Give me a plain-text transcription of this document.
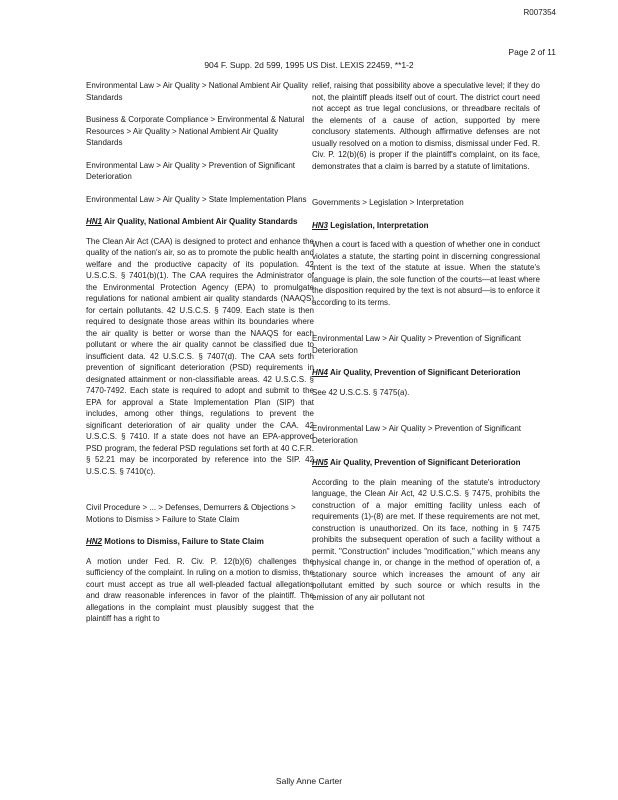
R007354
Page 2 of 11
904 F. Supp. 2d 599, 1995 US Dist. LEXIS 22459, **1-2

Environmental Law > Air Quality > National Ambient Air Quality Standards

Business & Corporate Compliance > Environmental & Natural Resources > Air Quality > National Ambient Air Quality Standards

Environmental Law > Air Quality > Prevention of Significant Deterioration

Environmental Law > Air Quality > State Implementation Plans

HN1 Air Quality, National Ambient Air Quality Standards

The Clean Air Act (CAA) is designed to protect and enhance the quality of the nation's air, so as to promote the public health and welfare and the productive capacity of its population. 42 U.S.C.S. § 7401(b)(1). The CAA requires the Administrator of the Environmental Protection Agency (EPA) to promulgate regulations for national ambient air quality standards (NAAQS) for certain pollutants. 42 U.S.C.S. § 7409. Each state is then required to designate those areas within its boundaries where the air quality is better or worse than the NAAQS for each pollutant or where the air quality cannot be classified due to insufficient data. 42 U.S.C.S. § 7407(d). The CAA sets forth prevention of significant deterioration (PSD) requirements in designated attainment or non-classifiable areas. 42 U.S.C.S. § 7470-7492. Each state is required to adopt and submit to the EPA for approval a State Implementation Plan (SIP) that includes, among other things, regulations to prevent the significant deterioration of air quality under the CAA. 42 U.S.C.S. § 7410. If a state does not have an EPA-approved PSD program, the federal PSD regulations set forth at 40 C.F.R. § 52.21 may be incorporated by reference into the SIP. 42 U.S.C.S. § 7410(c).

Civil Procedure > ... > Defenses, Demurrers & Objections > Motions to Dismiss > Failure to State Claim

HN2 Motions to Dismiss, Failure to State Claim

A motion under Fed. R. Civ. P. 12(b)(6) challenges the sufficiency of the complaint. In ruling on a motion to dismiss, the court must accept as true all well-pleaded factual allegations and draw reasonable inferences in favor of the plaintiff. The allegations in the complaint must plausibly suggest that the plaintiff has a right to

relief, raising that possibility above a speculative level; if they do not, the plaintiff pleads itself out of court. The district court need not accept as true legal conclusions, or threadbare recitals of the elements of a cause of action, supported by mere conclusory statements. Although affirmative defenses are not usually resolved on a motion to dismiss, dismissal under Fed. R. Civ. P. 12(b)(6) is proper if the plaintiff's complaint, on its face, demonstrates that a claim is barred by a statute of limitations.

Governments > Legislation > Interpretation

HN3 Legislation, Interpretation

When a court is faced with a question of whether one in conduct violates a statute, the starting point in discerning congressional intent is the text of the statute at issue. When the statute's language is plain, the sole function of the courts—at least where the disposition required by the text is not absurd—is to enforce it according to its terms.

Environmental Law > Air Quality > Prevention of Significant Deterioration

HN4 Air Quality, Prevention of Significant Deterioration

See 42 U.S.C.S. § 7475(a).

Environmental Law > Air Quality > Prevention of Significant Deterioration

HN5 Air Quality, Prevention of Significant Deterioration

According to the plain meaning of the statute's introductory language, the Clean Air Act, 42 U.S.C.S. § 7475, prohibits the construction of a major emitting facility unless each of requirements (1)-(8) are met. If these requirements are not met, construction is unauthorized. On its face, nothing in § 7475 prohibits the subsequent operation of such a facility without a permit. "Construction" includes "modification," which means any physical change in, or change in the method of operation of, a stationary source which increases the amount of any air pollutant emitted by such source or which results in the emission of any air pollutant not

Sally Anne Carter
